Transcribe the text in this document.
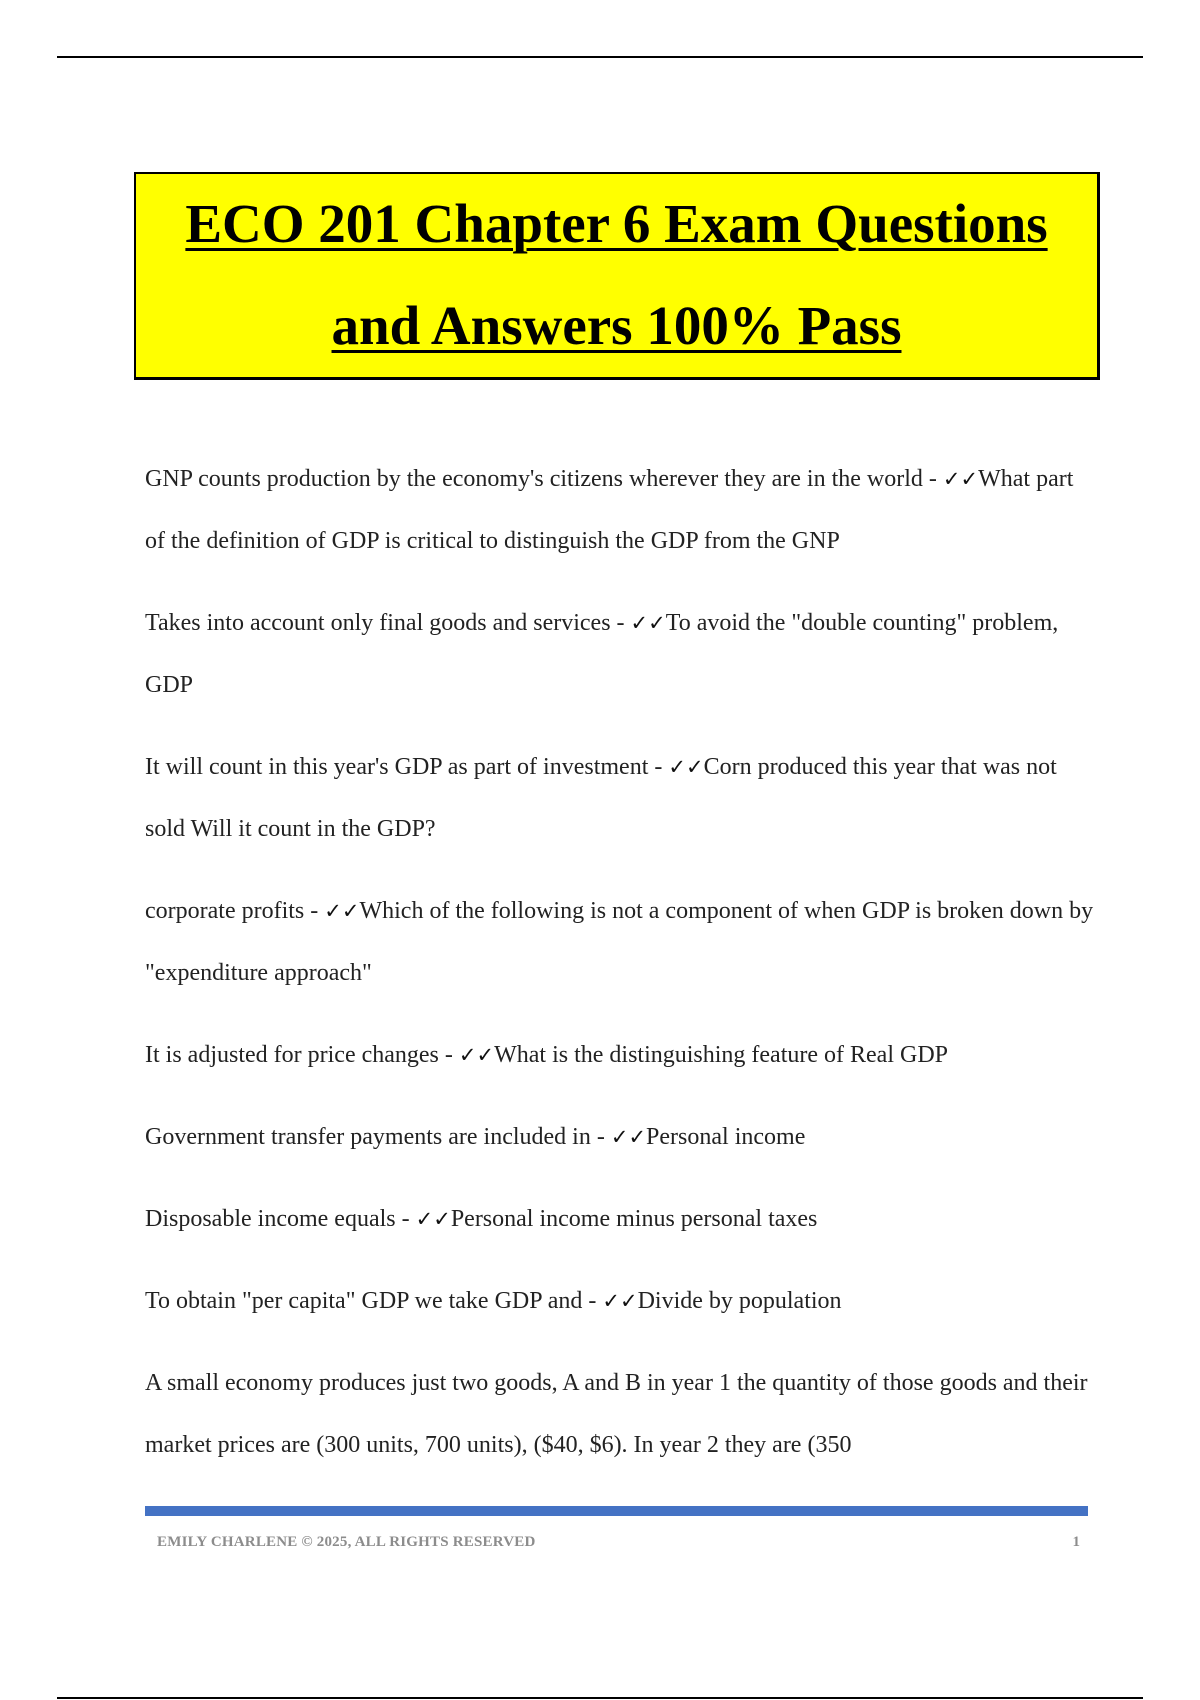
ECO 201 Chapter 6 Exam Questions
and Answers 100% Pass
GNP counts production by the economy's citizens wherever they are in the world - ✓✓What part of the definition of GDP is critical to distinguish the GDP from the GNP
Takes into account only final goods and services - ✓✓To avoid the "double counting" problem, GDP
It will count in this year's GDP as part of investment - ✓✓Corn produced this year that was not sold Will it count in the GDP?
corporate profits - ✓✓Which of the following is not a component of when GDP is broken down by "expenditure approach"
It is adjusted for price changes - ✓✓What is the distinguishing feature of Real GDP
Government transfer payments are included in - ✓✓Personal income
Disposable income equals - ✓✓Personal income minus personal taxes
To obtain "per capita" GDP we take GDP and - ✓✓Divide by population
A small economy produces just two goods, A and B in year 1 the quantity of those goods and their market prices are (300 units, 700 units), ($40, $6). In year 2 they are (350
EMILY CHARLENE © 2025, ALL RIGHTS RESERVED	1
